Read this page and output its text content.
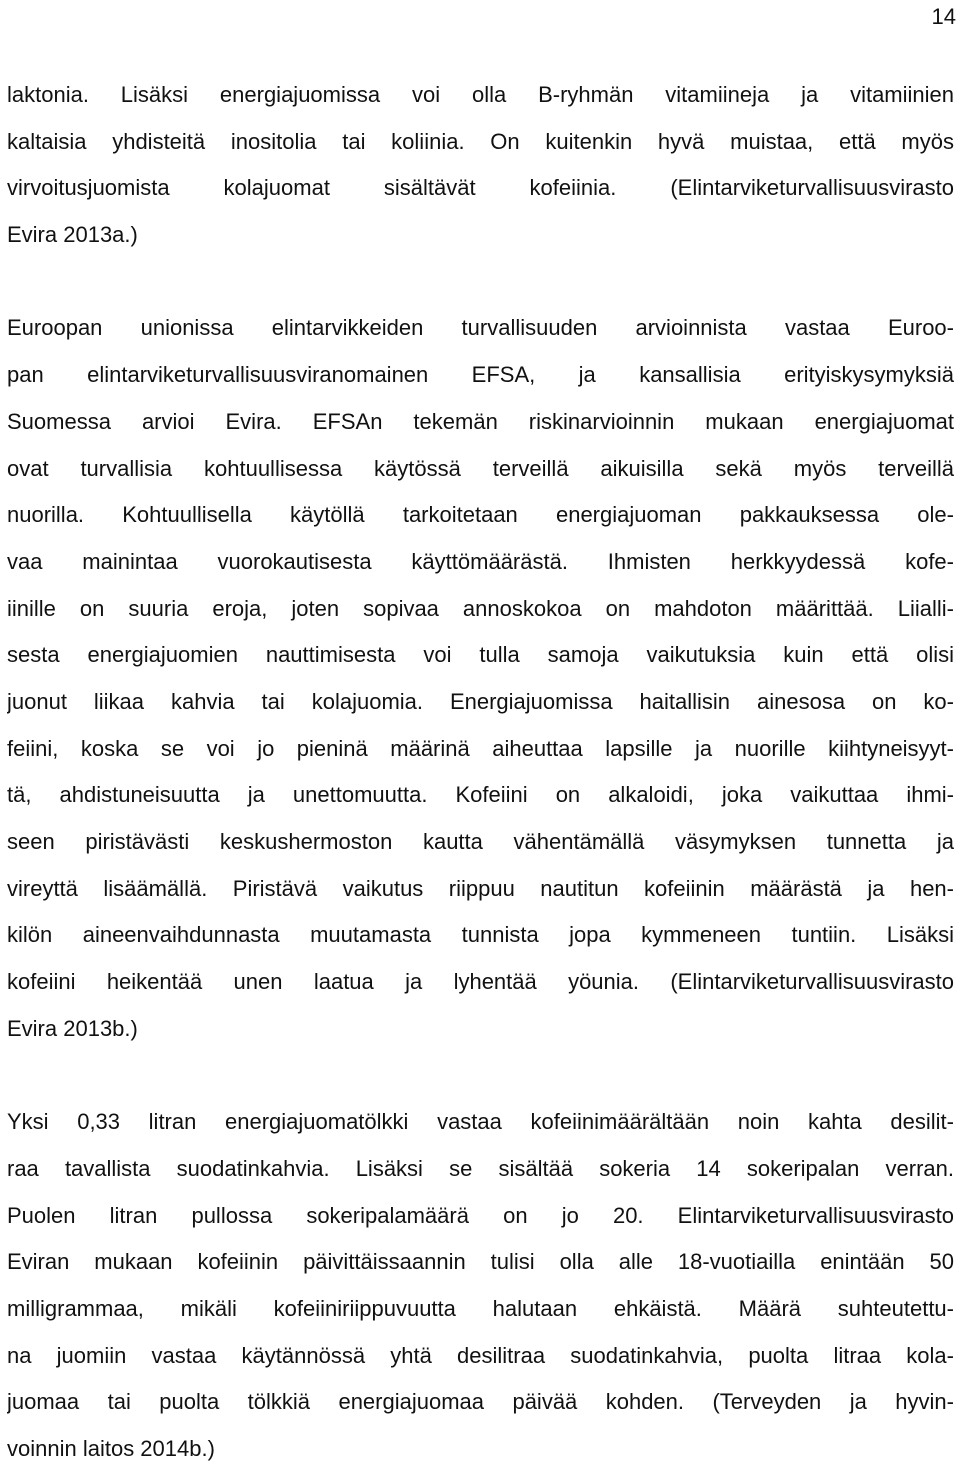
14
laktonia. Lisäksi energiajuomissa voi olla B-ryhmän vitamiineja ja vitamiinien
kaltaisia yhdisteitä inositolia tai koliinia. On kuitenkin hyvä muistaa, että myös
virvoitusjuomista kolajuomat sisältävät kofeiinia. (Elintarviketurvallisuusvirasto
Evira 2013a.)
Euroopan unionissa elintarvikkeiden turvallisuuden arvioinnista vastaa Euroo-
pan elintarviketurvallisuusviranomainen EFSA, ja kansallisia erityiskysymyksiä
Suomessa arvioi Evira. EFSAn tekemän riskinarvioinnin mukaan energiajuomat
ovat turvallisia kohtuullisessa käytössä terveillä aikuisilla sekä myös terveillä
nuorilla. Kohtuullisella käytöllä tarkoitetaan energiajuoman pakkauksessa ole-
vaa mainintaa vuorokautisesta käyttömäärästä. Ihmisten herkkyydessä kofe-
iinille on suuria eroja, joten sopivaa annoskokoa on mahdoton määrittää. Liialli-
sesta energiajuomien nauttimisesta voi tulla samoja vaikutuksia kuin että olisi
juonut liikaa kahvia tai kolajuomia. Energiajuomissa haitallisin ainesosa on ko-
feiini, koska se voi jo pieninä määrinä aiheuttaa lapsille ja nuorille kiihtyneisyyt-
tä, ahdistuneisuutta ja unettomuutta. Kofeiini on alkaloidi, joka vaikuttaa ihmi-
seen piristävästi keskushermoston kautta vähentämällä väsymyksen tunnetta ja
vireyttä lisäämällä. Piristävä vaikutus riippuu nautitun kofeiinin määrästä ja hen-
kilön aineenvaihdunnasta muutamasta tunnista jopa kymmeneen tuntiin. Lisäksi
kofeiini heikentää unen laatua ja lyhentää yöunia. (Elintarviketurvallisuusvirasto
Evira 2013b.)
Yksi 0,33 litran energiajuomatölkki vastaa kofeiinimäärältään noin kahta desilit-
raa tavallista suodatinkahvia. Lisäksi se sisältää sokeria 14 sokeripalan verran.
Puolen litran pullossa sokeripalamäärä on jo 20. Elintarviketurvallisuusvirasto
Eviran mukaan kofeiinin päivittäissaannin tulisi olla alle 18-vuotiailla enintään 50
milligrammaa, mikäli kofeiiniriippuvuutta halutaan ehkäistä. Määrä suhteutettu-
na juomiin vastaa käytännössä yhtä desilitraa suodatinkahvia, puolta litraa kola-
juomaa tai puolta tölkkiä energiajuomaa päivää kohden. (Terveyden ja hyvin-
voinnin laitos 2014b.)
